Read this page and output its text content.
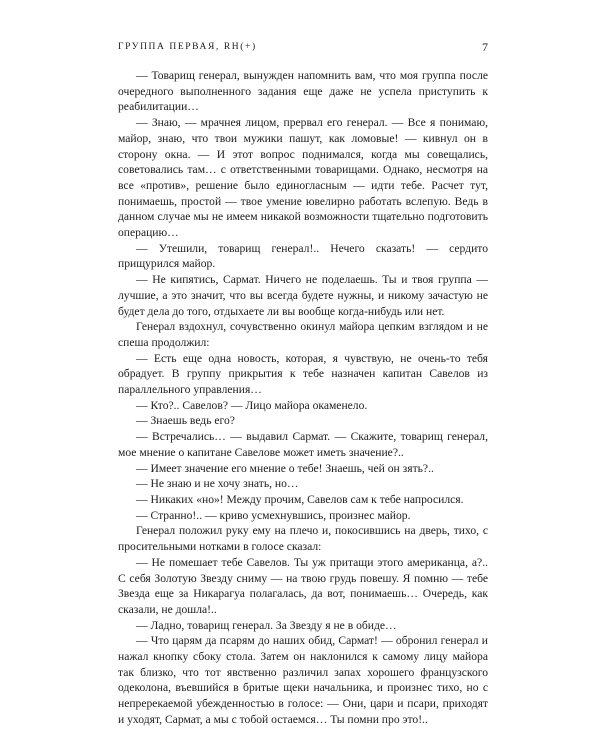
ГРУППА ПЕРВАЯ, RH(+)	7

— Товарищ генерал, вынужден напомнить вам, что моя группа после очередного выполненного задания еще даже не успела приступить к реабилитации…

— Знаю, — мрачнея лицом, прервал его генерал. — Все я понимаю, майор, знаю, что твои мужики пашут, как ломовые! — кивнул он в сторону окна. — И этот вопрос поднимался, когда мы совещались, советовались там… с ответственными товарищами. Однако, несмотря на все «против», решение было единогласным — идти тебе. Расчет тут, понимаешь, простой — твое умение ювелирно работать вслепую. Ведь в данном случае мы не имеем никакой возможности тщательно подготовить операцию…

— Утешили, товарищ генерал!.. Нечего сказать! — сердито прищурился майор.

— Не кипятись, Сармат. Ничего не поделаешь. Ты и твоя группа — лучшие, а это значит, что вы всегда будете нужны, и никому зачастую не будет дела до того, отдыхаете ли вы вообще когда-нибудь или нет.

Генерал вздохнул, сочувственно окинул майора цепким взглядом и не спеша продолжил:

— Есть еще одна новость, которая, я чувствую, не очень-то тебя обрадует. В группу прикрытия к тебе назначен капитан Савелов из параллельного управления…

— Кто?.. Савелов? — Лицо майора окаменело.

— Знаешь ведь его?

— Встречались… — выдавил Сармат. — Скажите, товарищ генерал, мое мнение о капитане Савелове может иметь значение?..

— Имеет значение его мнение о тебе! Знаешь, чей он зять?..

— Не знаю и не хочу знать, но…

— Никаких «но»! Между прочим, Савелов сам к тебе напросился.

— Странно!.. — криво усмехнувшись, произнес майор.

Генерал положил руку ему на плечо и, покосившись на дверь, тихо, с просительными нотками в голосе сказал:

— Не помешает тебе Савелов. Ты уж притащи этого американца, а?.. С себя Золотую Звезду сниму — на твою грудь повешу. Я помню — тебе Звезда еще за Никарагуа полагалась, да вот, понимаешь… Очередь, как сказали, не дошла!..

— Ладно, товарищ генерал. За Звезду я не в обиде…

— Что царям да псарям до наших обид, Сармат! — обронил генерал и нажал кнопку сбоку стола. Затем он наклонился к самому лицу майора так близко, что тот явственно различил запах хорошего французского одеколона, въевшийся в бритые щеки начальника, и произнес тихо, но с непререкаемой убежденностью в голосе: — Они, цари и псари, приходят и уходят, Сармат, а мы с тобой остаемся… Ты помни про это!..
